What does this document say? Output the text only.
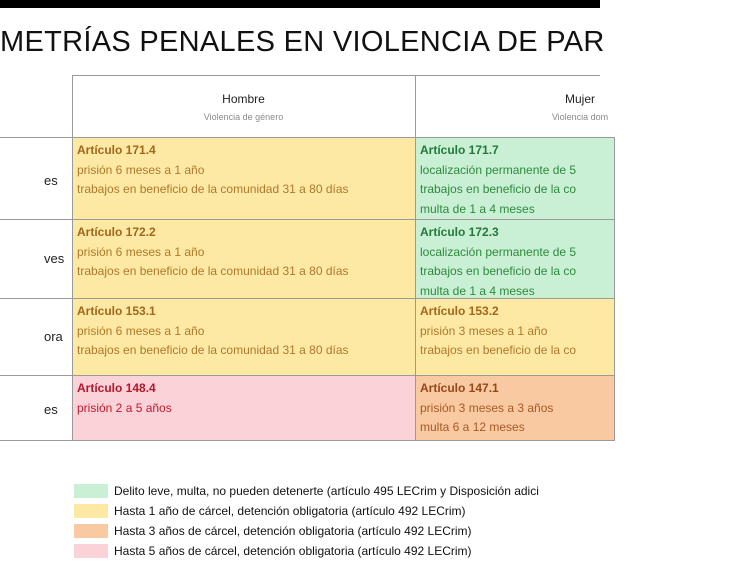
METRÍAS PENALES EN VIOLENCIA DE PAR
Hombre
Violencia de género
Mujer
Violencia dom
es
Artículo 171.4
prisión 6 meses a 1 año
trabajos en beneficio de la comunidad 31 a 80 días
Artículo 171.7
localización permanente de 5
trabajos en beneficio de la co
multa de 1 a 4 meses
ves
Artículo 172.2
prisión 6 meses a 1 año
trabajos en beneficio de la comunidad 31 a 80 días
Artículo 172.3
localización permanente de 5
trabajos en beneficio de la co
multa de 1 a 4 meses
ora
Artículo 153.1
prisión 6 meses a 1 año
trabajos en beneficio de la comunidad 31 a 80 días
Artículo 153.2
prisión 3 meses a 1 año
trabajos en beneficio de la co
es
Artículo 148.4
prisión 2 a 5 años
Artículo 147.1
prisión 3 meses a 3 años
multa 6 a 12 meses
Delito leve, multa, no pueden detenerte (artículo 495 LECrim y Disposición adici
Hasta 1 año de cárcel, detención obligatoria (artículo 492 LECrim)
Hasta 3 años de cárcel, detención obligatoria (artículo 492 LECrim)
Hasta 5 años de cárcel, detención obligatoria (artículo 492 LECrim)
